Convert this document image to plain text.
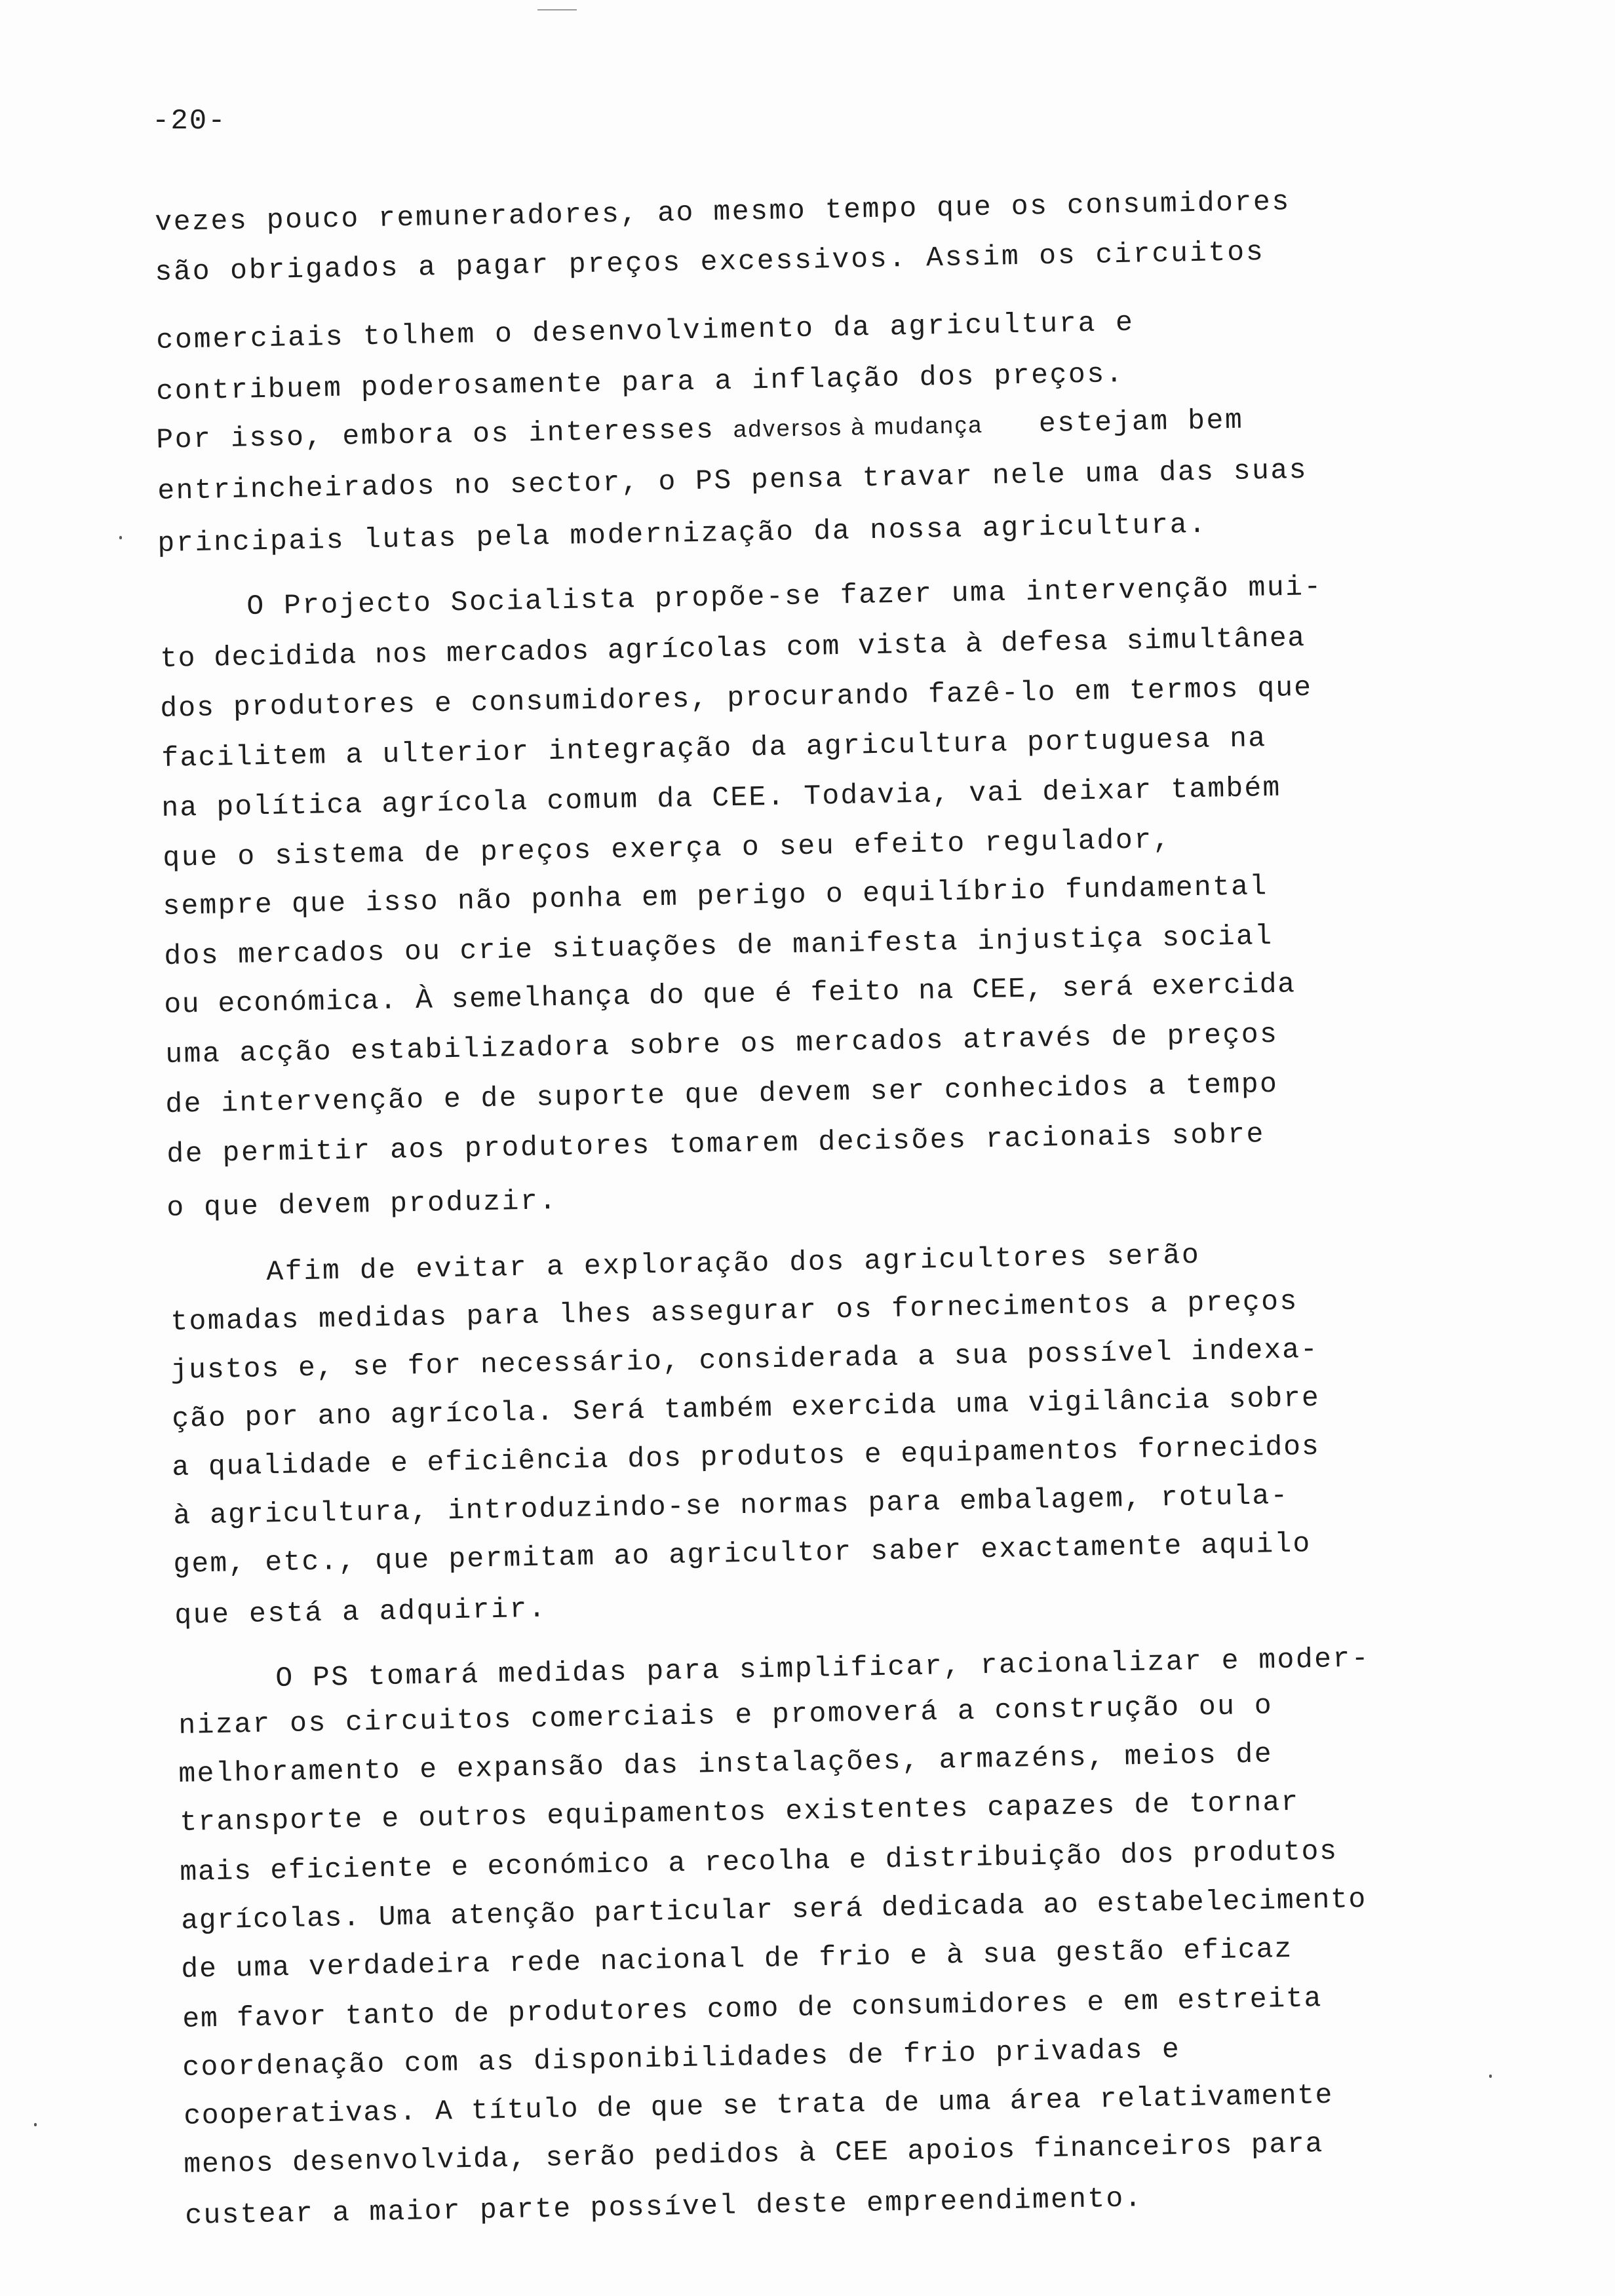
-20-
vezes pouco remuneradores, ao mesmo tempo que os consumidores
são obrigados a pagar preços excessivos. Assim os circuitos
comerciais tolhem o desenvolvimento da agricultura e
contribuem poderosamente para a inflação dos preços.
Por isso, embora os interesses adversos à mudança estejam bem
entrincheirados no sector, o PS pensa travar nele uma das suas
principais lutas pela modernização da nossa agricultura.
O Projecto Socialista propõe-se fazer uma intervenção mui-
to decidida nos mercados agrícolas com vista à defesa simultânea
dos produtores e consumidores, procurando fazê-lo em termos que
facilitem a ulterior integração da agricultura portuguesa na
na política agrícola comum da CEE. Todavia, vai deixar também
que o sistema de preços exerça o seu efeito regulador,
sempre que isso não ponha em perigo o equilíbrio fundamental
dos mercados ou crie situações de manifesta injustiça social
ou económica. À semelhança do que é feito na CEE, será exercida
uma acção estabilizadora sobre os mercados através de preços
de intervenção e de suporte que devem ser conhecidos a tempo
de permitir aos produtores tomarem decisões racionais sobre
o que devem produzir.
Afim de evitar a exploração dos agricultores serão
tomadas medidas para lhes assegurar os fornecimentos a preços
justos e, se for necessário, considerada a sua possível indexa-
ção por ano agrícola. Será também exercida uma vigilância sobre
a qualidade e eficiência dos produtos e equipamentos fornecidos
à agricultura, introduzindo-se normas para embalagem, rotula-
gem, etc., que permitam ao agricultor saber exactamente aquilo
que está a adquirir.
O PS tomará medidas para simplificar, racionalizar e moder-
nizar os circuitos comerciais e promoverá a construção ou o
melhoramento e expansão das instalações, armazéns, meios de
transporte e outros equipamentos existentes capazes de tornar
mais eficiente e económico a recolha e distribuição dos produtos
agrícolas. Uma atenção particular será dedicada ao estabelecimento
de uma verdadeira rede nacional de frio e à sua gestão eficaz
em favor tanto de produtores como de consumidores e em estreita
coordenação com as disponibilidades de frio privadas e
cooperativas. A título de que se trata de uma área relativamente
menos desenvolvida, serão pedidos à CEE apoios financeiros para
custear a maior parte possível deste empreendimento.
